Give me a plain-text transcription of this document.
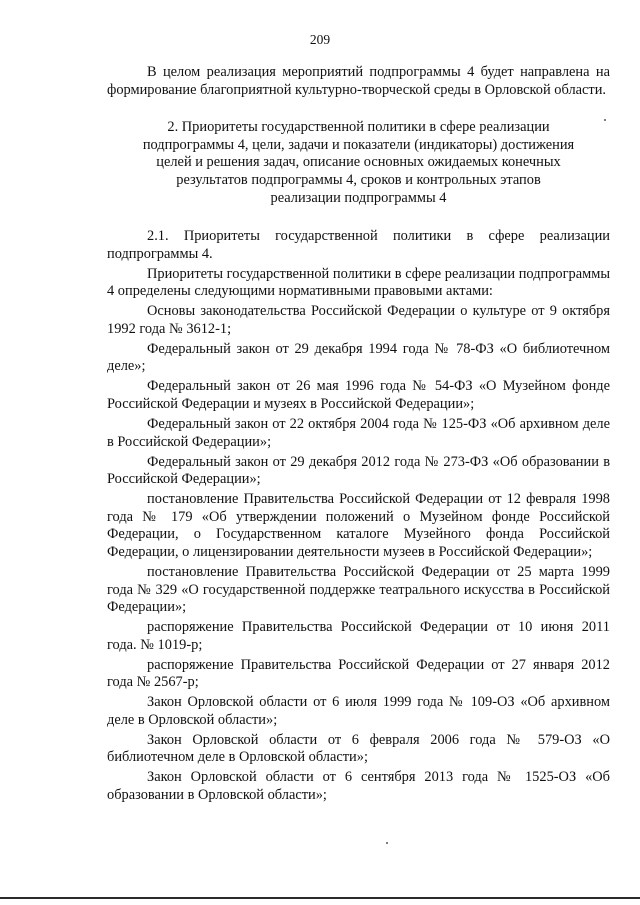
209

В целом реализация мероприятий подпрограммы 4 будет направлена на формирование благоприятной культурно-творческой среды в Орловской области.

2. Приоритеты государственной политики в сфере реализации
подпрограммы 4, цели, задачи и показатели (индикаторы) достижения
целей и решения задач, описание основных ожидаемых конечных
результатов подпрограммы 4, сроков и контрольных этапов
реализации подпрограммы 4

2.1. Приоритеты государственной политики в сфере реализации подпрограммы 4.

Приоритеты государственной политики в сфере реализации подпрограммы 4 определены следующими нормативными правовыми актами:

Основы законодательства Российской Федерации о культуре от 9 октября 1992 года № 3612-1;

Федеральный закон от 29 декабря 1994 года № 78-ФЗ «О библиотечном деле»;

Федеральный закон от 26 мая 1996 года № 54-ФЗ «О Музейном фонде Российской Федерации и музеях в Российской Федерации»;

Федеральный закон от 22 октября 2004 года № 125-ФЗ «Об архивном деле в Российской Федерации»;

Федеральный закон от 29 декабря 2012 года № 273-ФЗ «Об образовании в Российской Федерации»;

постановление Правительства Российской Федерации от 12 февраля 1998 года № 179 «Об утверждении положений о Музейном фонде Российской Федерации, о Государственном каталоге Музейного фонда Российской Федерации, о лицензировании деятельности музеев в Российской Федерации»;

постановление Правительства Российской Федерации от 25 марта 1999 года № 329 «О государственной поддержке театрального искусства в Российской Федерации»;

распоряжение Правительства Российской Федерации от 10 июня 2011 года. № 1019-р;

распоряжение Правительства Российской Федерации от 27 января 2012 года № 2567-р;

Закон Орловской области от 6 июля 1999 года № 109-ОЗ «Об архивном деле в Орловской области»;

Закон Орловской области от 6 февраля 2006 года № 579-ОЗ «О библиотечном деле в Орловской области»;

Закон Орловской области от 6 сентября 2013 года № 1525-ОЗ «Об образовании в Орловской области»;
